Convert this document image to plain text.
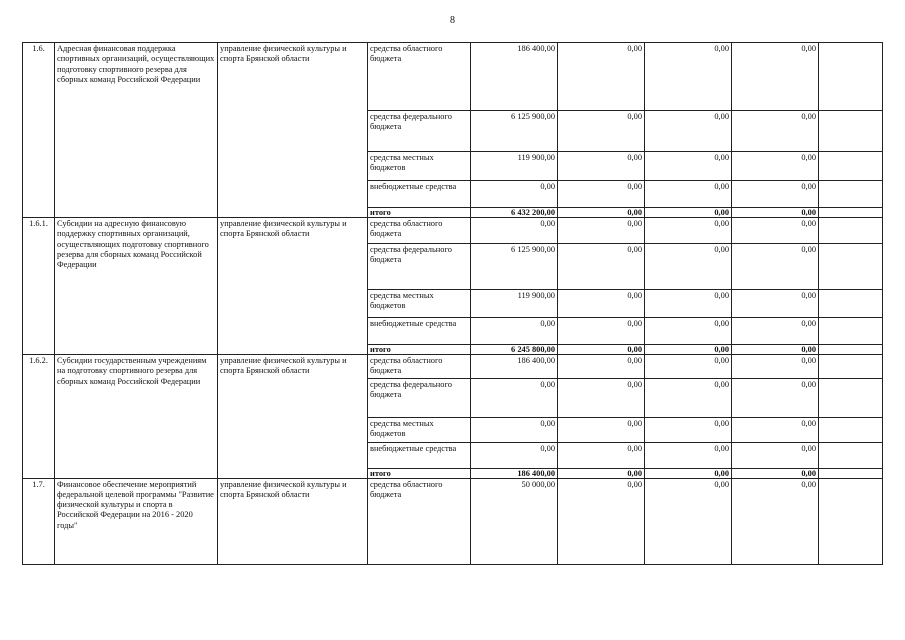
8
1.6.	Адресная финансовая поддержка спортивных организаций, осуществляющих подготовку спортивного резерва для сборных команд Российской Федерации	управление физической культуры и спорта Брянской области	средства областного бюджета	186 400,00	0,00	0,00	0,00	
			средства федерального бюджета	6 125 900,00	0,00	0,00	0,00	
			средства местных бюджетов	119 900,00	0,00	0,00	0,00	
			внебюджетные средства	0,00	0,00	0,00	0,00	
			итого	6 432 200,00	0,00	0,00	0,00	
1.6.1.	Субсидии на адресную финансовую поддержку спортивных организаций, осуществляющих подготовку спортивного резерва для сборных команд Российской Федерации	управление физической культуры и спорта Брянской области	средства областного бюджета	0,00	0,00	0,00	0,00	
			средства федерального бюджета	6 125 900,00	0,00	0,00	0,00	
			средства местных бюджетов	119 900,00	0,00	0,00	0,00	
			внебюджетные средства	0,00	0,00	0,00	0,00	
			итого	6 245 800,00	0,00	0,00	0,00	
1.6.2.	Субсидии государственным учреждениям на подготовку спортивного резерва для сборных команд Российской Федерации	управление физической культуры и спорта Брянской области	средства областного бюджета	186 400,00	0,00	0,00	0,00	
			средства федерального бюджета	0,00	0,00	0,00	0,00	
			средства местных бюджетов	0,00	0,00	0,00	0,00	
			внебюджетные средства	0,00	0,00	0,00	0,00	
			итого	186 400,00	0,00	0,00	0,00	
1.7.	Финансовое обеспечение мероприятий федеральной целевой программы "Развитие физической культуры и спорта в Российской Федерации на 2016 - 2020 годы"	управление физической культуры и спорта Брянской области	средства областного бюджета	50 000,00	0,00	0,00	0,00	
